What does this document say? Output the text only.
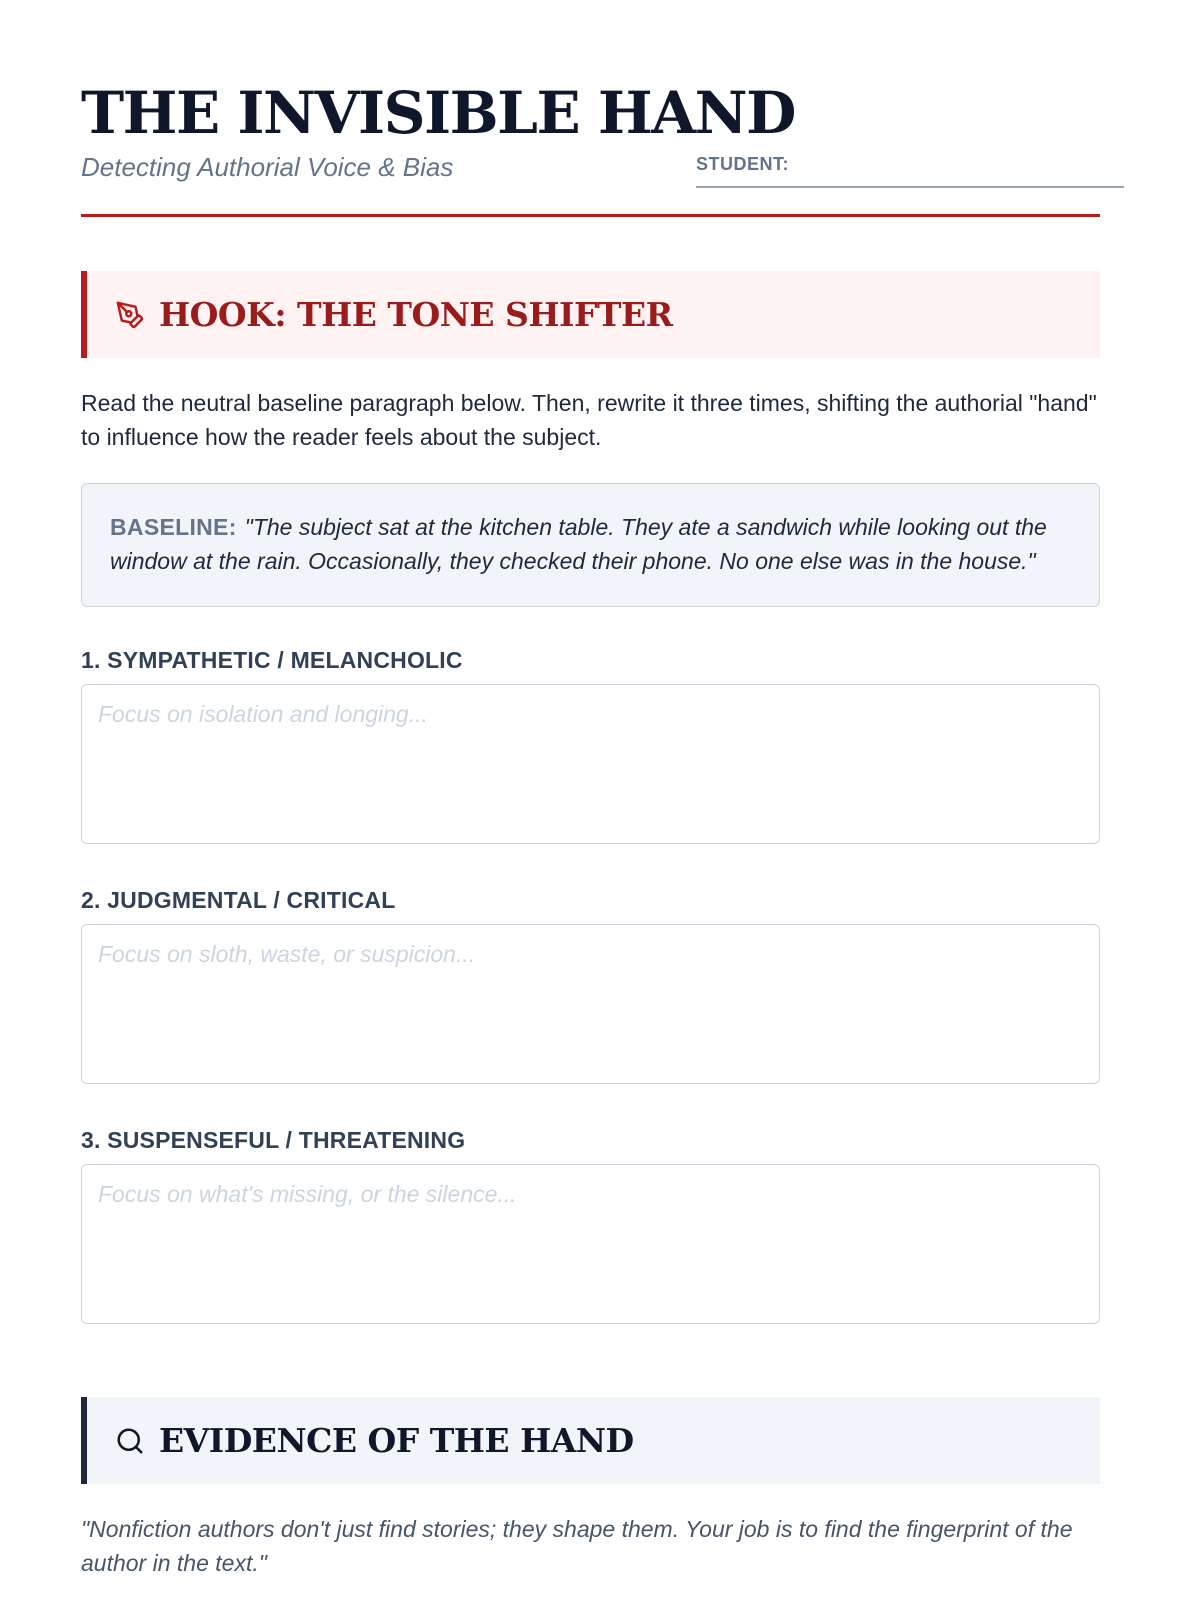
THE INVISIBLE HAND
Detecting Authorial Voice & Bias	STUDENT:
HOOK: THE TONE SHIFTER

Read the neutral baseline paragraph below. Then, rewrite it three times, shifting the authorial "hand" to influence how the reader feels about the subject.

BASELINE: "The subject sat at the kitchen table. They ate a sandwich while looking out the window at the rain. Occasionally, they checked their phone. No one else was in the house."
1. SYMPATHETIC / MELANCHOLIC
Focus on isolation and longing...
2. JUDGMENTAL / CRITICAL
Focus on sloth, waste, or suspicion...
3. SUSPENSEFUL / THREATENING
Focus on what's missing, or the silence...
EVIDENCE OF THE HAND

"Nonfiction authors don't just find stories; they shape them. Your job is to find the fingerprint of the author in the text."
